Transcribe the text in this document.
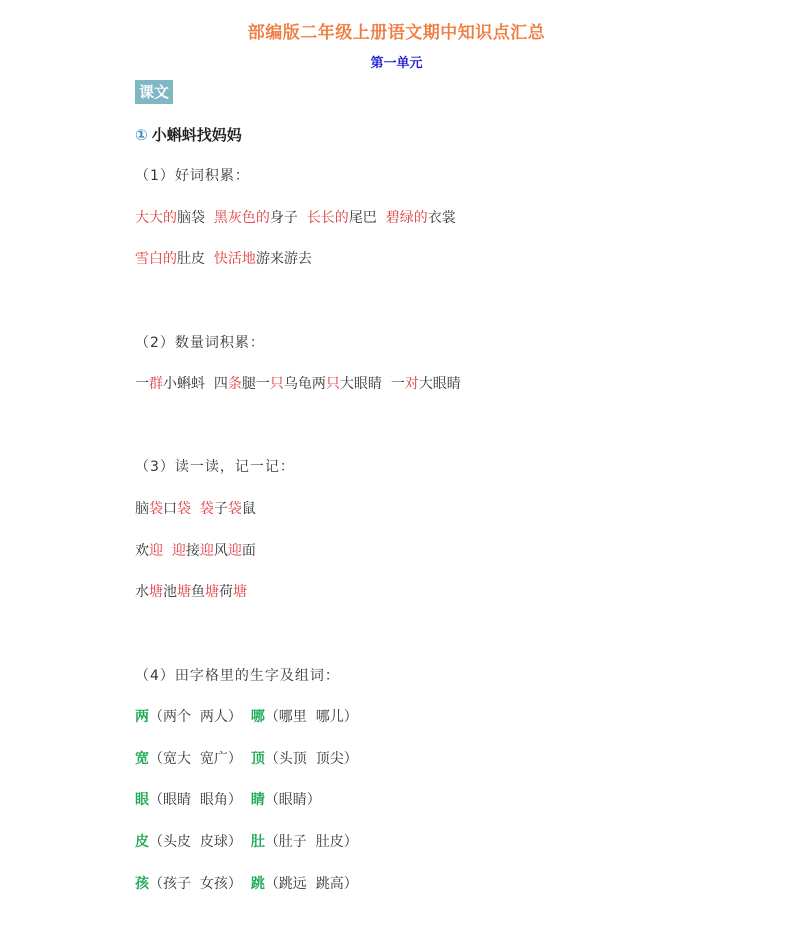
部编版二年级上册语文期中知识点汇总
第一单元
课文
① 小蝌蚪找妈妈
（1）好词积累：
大大的脑袋  黑灰色的身子  长长的尾巴  碧绿的衣裳
雪白的肚皮  快活地游来游去
（2）数量词积累：
一群小蝌蚪  四条腿一只乌龟两只大眼睛  一对大眼睛
（3）读一读，记一记：
脑袋口袋 袋子袋鼠
欢迎 迎接迎风迎面
水塘池塘鱼塘荷塘
（4）田字格里的生字及组词：
两（两个  两人）  哪（哪里  哪儿）
宽（宽大  宽广）  顶（头顶  顶尖）
眼（眼睛  眼角）  睛（眼睛）
皮（头皮  皮球）  肚（肚子  肚皮）
孩（孩子  女孩）  跳（跳远  跳高）
